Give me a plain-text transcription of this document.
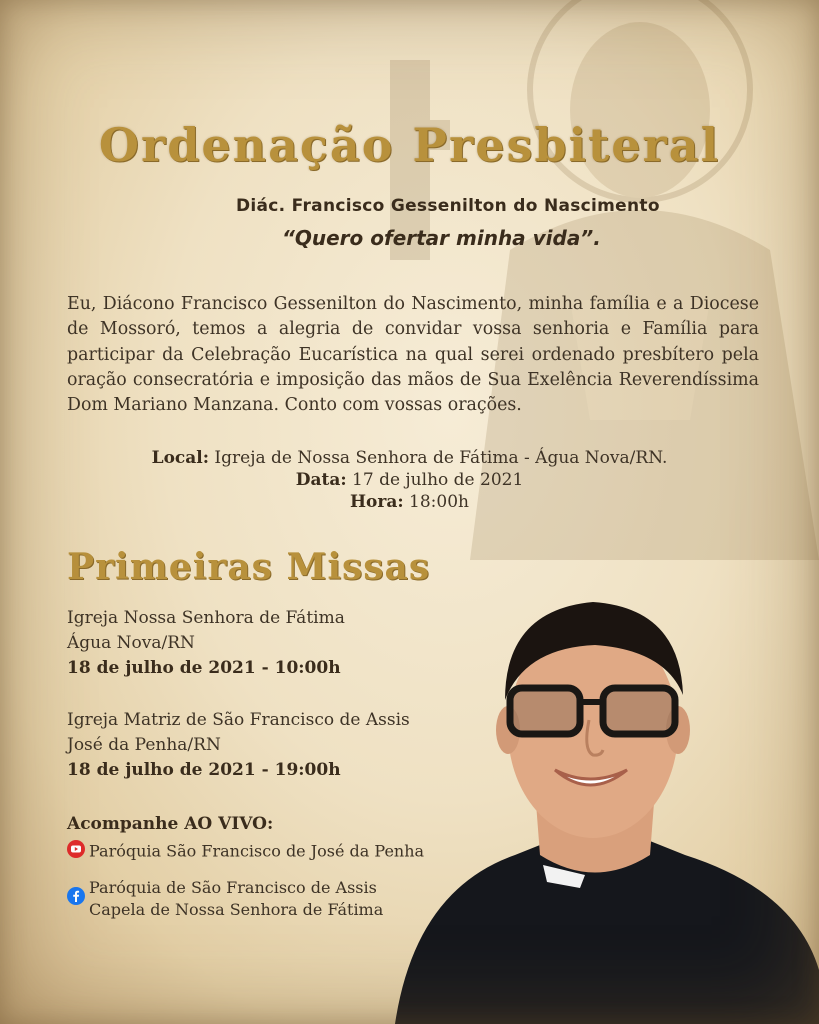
Ordenação Presbiteral
Diác. Francisco Gessenilton do Nascimento
“Quero ofertar minha vida”.
Eu, Diácono Francisco Gessenilton do Nascimento, minha família e a Diocese de Mossoró, temos a alegria de convidar vossa senhoria e Família para participar da Celebração Eucarística na qual serei ordenado presbítero pela oração consecratória e imposição das mãos de Sua Exelência Reverendíssima Dom Mariano Manzana. Conto com vossas orações.
Local: Igreja de Nossa Senhora de Fátima - Água Nova/RN.
Data: 17 de julho de 2021
Hora: 18:00h
Primeiras Missas
Igreja Nossa Senhora de Fátima
Água Nova/RN
18 de julho de 2021 - 10:00h
Igreja Matriz de São Francisco de Assis
José da Penha/RN
18 de julho de 2021 - 19:00h
Acompanhe AO VIVO:
Paróquia São Francisco de José da Penha
Paróquia de São Francisco de Assis
Capela de Nossa Senhora de Fátima
